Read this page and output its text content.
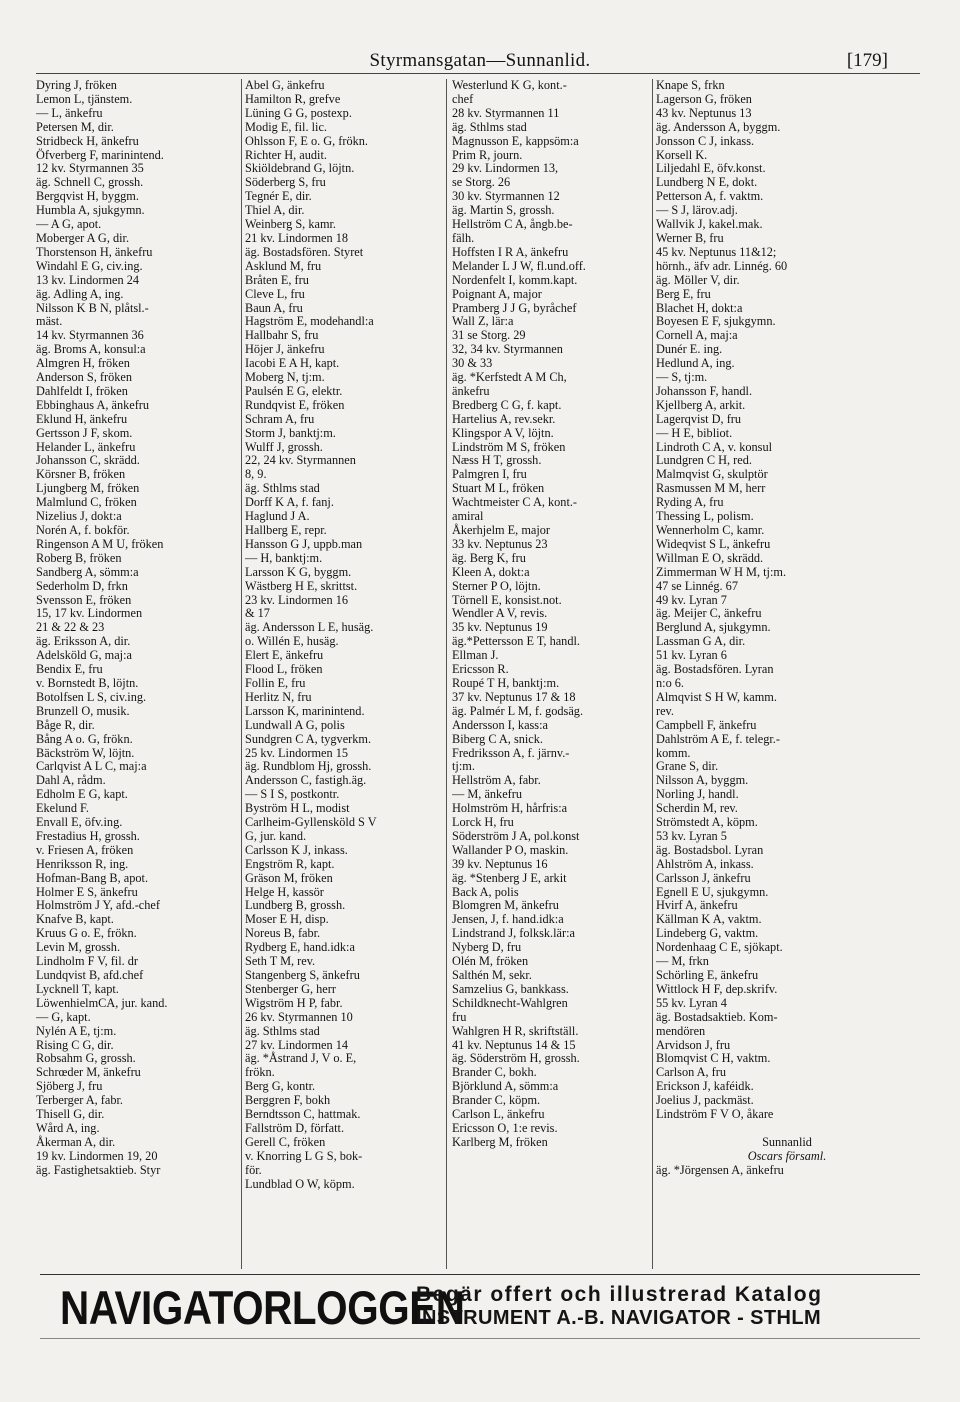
Styrmansgatan—Sunnanlid.	[179]
Dyring J, fröken
Lemon L, tjänstem.
— L, änkefru
Petersen M, dir.
Stridbeck H, änkefru
Öfverberg F, marinintend.
12 kv. Styrmannen 35
äg. Schnell C, grossh.
Bergqvist H, byggm.
Humbla A, sjukgymn.
— A G, apot.
Moberger A G, dir.
Thorstenson H, änkefru
Windahl E G, civ.ing.
13 kv. Lindormen 24
äg. Adling A, ing.
Nilsson K B N, plåtsl.-
mäst.
14 kv. Styrmannen 36
äg. Broms A, konsul:a
Almgren H, fröken
Anderson S, fröken
Dahlfeldt I, fröken
Ebbinghaus A, änkefru
Eklund H, änkefru
Gertsson J F, skom.
Helander L, änkefru
Johansson C, skrädd.
Körsner B, fröken
Ljungberg M, fröken
Malmlund C, fröken
Nizelius J, dokt:a
Norén A, f. bokför.
Ringenson A M U, fröken
Roberg B, fröken
Sandberg A, sömm:a
Sederholm D, frkn
Svensson E, fröken
15, 17 kv. Lindormen
21 & 22 & 23
äg. Eriksson A, dir.
Adelsköld G, maj:a
Bendix E, fru
v. Bornstedt B, löjtn.
Botolfsen L S, civ.ing.
Brunzell O, musik.
Båge R, dir.
Bång A o. G, frökn.
Bäckström W, löjtn.
Carlqvist A L C, maj:a
Dahl A, rådm.
Edholm E G, kapt.
Ekelund F.
Envall E, öfv.ing.
Frestadius H, grossh.
v. Friesen A, fröken
Henriksson R, ing.
Hofman-Bang B, apot.
Holmer E S, änkefru
Holmström J Y, afd.-chef
Knafve B, kapt.
Kruus G o. E, frökn.
Levin M, grossh.
Lindholm F V, fil. dr
Lundqvist B, afd.chef
Lycknell T, kapt.
LöwenhielmCA, jur. kand.
— G, kapt.
Nylén A E, tj:m.
Rising C G, dir.
Robsahm G, grossh.
Schrœder M, änkefru
Sjöberg J, fru
Terberger A, fabr.
Thisell G, dir.
Wård A, ing.
Åkerman A, dir.
19 kv. Lindormen 19, 20
äg. Fastighetsaktieb. Styr
Abel G, änkefru
Hamilton R, grefve
Lüning G G, postexp.
Modig E, fil. lic.
Ohlsson F, E o. G, frökn.
Richter H, audit.
Skiöldebrand G, löjtn.
Söderberg S, fru
Tegnér E, dir.
Thiel A, dir.
Weinberg S, kamr.
21 kv. Lindormen 18
äg. Bostadsfören. Styret
Asklund M, fru
Bråten E, fru
Cleve L, fru
Baun A, fru
Hagström E, modehandl:a
Hallbahr S, fru
Höjer J, änkefru
Iacobi E A H, kapt.
Moberg N, tj:m.
Paulsén E G, elektr.
Rundqvist E, fröken
Schram A, fru
Storm J, banktj:m.
Wulff J, grossh.
22, 24 kv. Styrmannen
8, 9.
äg. Sthlms stad
Dorff K A, f. fanj.
Haglund J A.
Hallberg E, repr.
Hansson G J, uppb.man
— H, banktj:m.
Larsson K G, byggm.
Wästberg H E, skrittst.
23 kv. Lindormen 16
& 17
äg. Andersson L E, husäg.
o. Willén E, husäg.
Elert E, änkefru
Flood L, fröken
Follin E, fru
Herlitz N, fru
Larsson K, marinintend.
Lundwall A G, polis
Sundgren C A, tygverkm.
25 kv. Lindormen 15
äg. Rundblom Hj, grossh.
Andersson C, fastigh.äg.
— S I S, postkontr.
Byström H L, modist
Carlheim-Gyllensköld S V
G, jur. kand.
Carlsson K J, inkass.
Engström R, kapt.
Gräson M, fröken
Helge H, kassör
Lundberg B, grossh.
Moser E H, disp.
Noreus B, fabr.
Rydberg E, hand.idk:a
Seth T M, rev.
Stangenberg S, änkefru
Stenberger G, herr
Wigström H P, fabr.
26 kv. Styrmannen 10
äg. Sthlms stad
27 kv. Lindormen 14
äg. *Åstrand J, V o. E,
frökn.
Berg G, kontr.
Berggren F, bokh
Berndtsson C, hattmak.
Fallström D, författ.
Gerell C, fröken
v. Knorring L G S, bok-
för.
Lundblad O W, köpm.
Westerlund K G, kont.-
chef
28 kv. Styrmannen 11
äg. Sthlms stad
Magnusson E, kappsöm:a
Prim R, journ.
29 kv. Lindormen 13,
se Storg. 26
30 kv. Styrmannen 12
äg. Martin S, grossh.
Hellström C A, ångb.be-
fälh.
Hoffsten I R A, änkefru
Melander L J W, fl.und.off.
Nordenfelt I, komm.kapt.
Poignant A, major
Pramberg J J G, byråchef
Wall Z, lär:a
31 se Storg. 29
32, 34 kv. Styrmannen
30 & 33
äg. *Kerfstedt A M Ch,
änkefru
Bredberg C G, f. kapt.
Hartelius A, rev.sekr.
Klingspor A V, löjtn.
Lindström M S, fröken
Næss H T, grossh.
Palmgren I, fru
Stuart M L, fröken
Wachtmeister C A, kont.-
amiral
Åkerhjelm E, major
33 kv. Neptunus 23
äg. Berg K, fru
Kleen A, dokt:a
Sterner P O, löjtn.
Törnell E, konsist.not.
Wendler A V, revis.
35 kv. Neptunus 19
äg.*Pettersson E T, handl.
Ellman J.
Ericsson R.
Roupé T H, banktj:m.
37 kv. Neptunus 17 & 18
äg. Palmér L M, f. godsäg.
Andersson I, kass:a
Biberg C A, snick.
Fredriksson A, f. järnv.-
tj:m.
Hellström A, fabr.
— M, änkefru
Holmström H, hårfris:a
Lorck H, fru
Söderström J A, pol.konst
Wallander P O, maskin.
39 kv. Neptunus 16
äg. *Stenberg J E, arkit
Back A, polis
Blomgren M, änkefru
Jensen, J, f. hand.idk:a
Lindstrand J, folksk.lär:a
Nyberg D, fru
Olén M, fröken
Salthén M, sekr.
Samzelius G, bankkass.
Schildknecht-Wahlgren
fru
Wahlgren H R, skriftställ.
41 kv. Neptunus 14 & 15
äg. Söderström H, grossh.
Brander C, bokh.
Björklund A, sömm:a
Brander C, köpm.
Carlson L, änkefru
Ericsson O, 1:e revis.
Karlberg M, fröken
Knape S, frkn
Lagerson G, fröken
43 kv. Neptunus 13
äg. Andersson A, byggm.
Jonsson C J, inkass.
Korsell K.
Liljedahl E, öfv.konst.
Lundberg N E, dokt.
Petterson A, f. vaktm.
— S J, lärov.adj.
Wallvik J, kakel.mak.
Werner B, fru
45 kv. Neptunus 11&12;
hörnh., äfv adr. Linnég. 60
äg. Möller V, dir.
Berg E, fru
Blachet H, dokt:a
Boyesen E F, sjukgymn.
Cornell A, maj:a
Dunér E. ing.
Hedlund A, ing.
— S, tj:m.
Johansson F, handl.
Kjellberg A, arkit.
Lagerqvist D, fru
— H E, bibliot.
Lindroth C A, v. konsul
Lundgren C H, red.
Malmqvist G, skulptör
Rasmussen M M, herr
Ryding A, fru
Thessing L, polism.
Wennerholm C, kamr.
Wideqvist S L, änkefru
Willman E O, skrädd.
Zimmerman W H M, tj:m.
47 se Linnég. 67
49 kv. Lyran 7
äg. Meijer C, änkefru
Berglund A, sjukgymn.
Lassman G A, dir.
51 kv. Lyran 6
äg. Bostadsfören. Lyran
n:o 6.
Almqvist S H W, kamm.
rev.
Campbell F, änkefru
Dahlström A E, f. telegr.-
komm.
Grane S, dir.
Nilsson A, byggm.
Norling J, handl.
Scherdin M, rev.
Strömstedt A, köpm.
53 kv. Lyran 5
äg. Bostadsbol. Lyran
Ahlström A, inkass.
Carlsson J, änkefru
Egnell E U, sjukgymn.
Hvirf A, änkefru
Källman K A, vaktm.
Lindeberg G, vaktm.
Nordenhaag C E, sjökapt.
— M, frkn
Schörling E, änkefru
Wittlock H F, dep.skrifv.
55 kv. Lyran 4
äg. Bostadsaktieb. Kom-
mendören
Arvidson J, fru
Blomqvist C H, vaktm.
Carlson A, fru
Erickson J, kaféidk.
Joelius J, packmäst.
Lindström F V O, åkare

Sunnanlid
Oscars församl.
äg. *Jörgensen A, änkefru
NAVIGATORLOGGEN
Begär offert och illustrerad Katalog
INSTRUMENT A.-B. NAVIGATOR - STHLM
